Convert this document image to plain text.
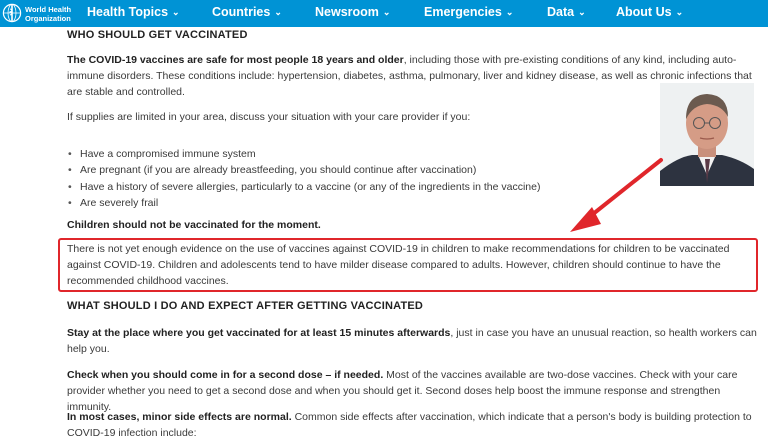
World Health
Organization Health Topics ⌄	Countries ⌄	Newsroom ⌄	Emergencies ⌄	Data ⌄ About Us ⌄
WHO SHOULD GET VACCINATED
The COVID-19 vaccines are safe for most people 18 years and older, including those with pre-existing conditions of any kind, including auto-immune disorders. These conditions include: hypertension, diabetes, asthma, pulmonary, liver and kidney disease, as well as chronic infections that are stable and controlled.
If supplies are limited in your area, discuss your situation with your care provider if you:
• Have a compromised immune system
• Are pregnant (if you are already breastfeeding, you should continue after vaccination)
• Have a history of severe allergies, particularly to a vaccine (or any of the ingredients in the vaccine)
• Are severely frail
Children should not be vaccinated for the moment.
There is not yet enough evidence on the use of vaccines against COVID-19 in children to make recommendations for children to be vaccinated against COVID-19. Children and adolescents tend to have milder disease compared to adults. However, children should continue to have the recommended childhood vaccines.
WHAT SHOULD I DO AND EXPECT AFTER GETTING VACCINATED
Stay at the place where you get vaccinated for at least 15 minutes afterwards, just in case you have an unusual reaction, so health workers can help you.
Check when you should come in for a second dose – if needed. Most of the vaccines available are two-dose vaccines. Check with your care provider whether you need to get a second dose and when you should get it. Second doses help boost the immune response and strengthen immunity.
In most cases, minor side effects are normal. Common side effects after vaccination, which indicate that a person's body is building protection to COVID-19 infection include:
